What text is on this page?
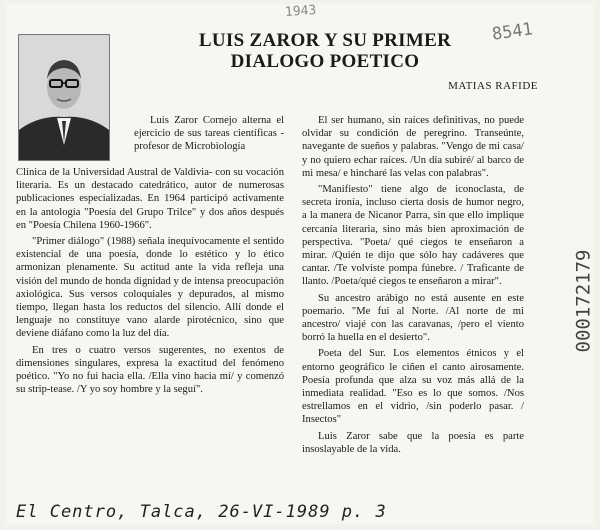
1943
8541
LUIS ZAROR Y SU PRIMER
DIALOGO POETICO
MATIAS RAFIDE

Luis Zaror Cornejo alterna el ejercicio de sus tareas científicas -profesor de Microbiología

Clínica de la Universidad Austral de Valdivia- con su vocación literaria. Es un destacado catedrático, autor de numerosas publicaciones especializadas. En 1964 participó activamente en la antología "Poesía del Grupo Trilce" y dos años después en "Poesía Chilena 1960-1966".

"Primer diálogo" (1988) señala inequívocamente el sentido existencial de una poesía, donde lo estético y lo ético armonizan plenamente. Su actitud ante la vida refleja una visión del mundo de honda dignidad y de intensa preocupación axiológica. Sus versos coloquiales y depurados, al mismo tiempo, llegan hasta los reductos del silencio. Allí donde el lenguaje no constituye vano alarde pirotécnico, sino que deviene diáfano como la luz del día.

En tres o cuatro versos sugerentes, no exentos de dimensiones singulares, expresa la exactitud del fenómeno poético. "Yo no fui hacia ella. /Ella vino hacia mí/ y comenzó su strip-tease. /Y yo soy hombre y la seguí".

El ser humano, sin raíces definitivas, no puede olvidar su condición de peregrino. Transeúnte, navegante de sueños y palabras. "Vengo de mi casa/ y no quiero echar raíces. /Un día subiré/ al barco de mi mesa/ e hincharé las velas con palabras".

"Manifiesto" tiene algo de iconoclasta, de secreta ironía, incluso cierta dosis de humor negro, a la manera de Nicanor Parra, sin que ello implique cercanía literaria, sino más bien aproximación de perspectiva. "Poeta/ qué ciegos te enseñaron a mirar. /Quién te dijo que sólo hay cadáveres que cantar. /Te volviste pompa fúnebre. / Traficante de llanto. /Poeta/qué ciegos te enseñaron a mirar".

Su ancestro arábigo no está ausente en este poemario. "Me fui al Norte. /Al norte de mi ancestro/ viajé con las caravanas, /pero el viento borró la huella en el desierto".

Poeta del Sur. Los elementos étnicos y el entorno geográfico le ciñen el canto airosamente. Poesía profunda que alza su voz más allá de la inmediata realidad. "Eso es lo que somos. /Nos estrellamos en el vidrio, /sin poderlo pasar. / Insectos"

Luis Zaror sabe que la poesía es parte insoslayable de la vida.

000172179
El Centro, Talca, 26-VI-1989 p. 3
